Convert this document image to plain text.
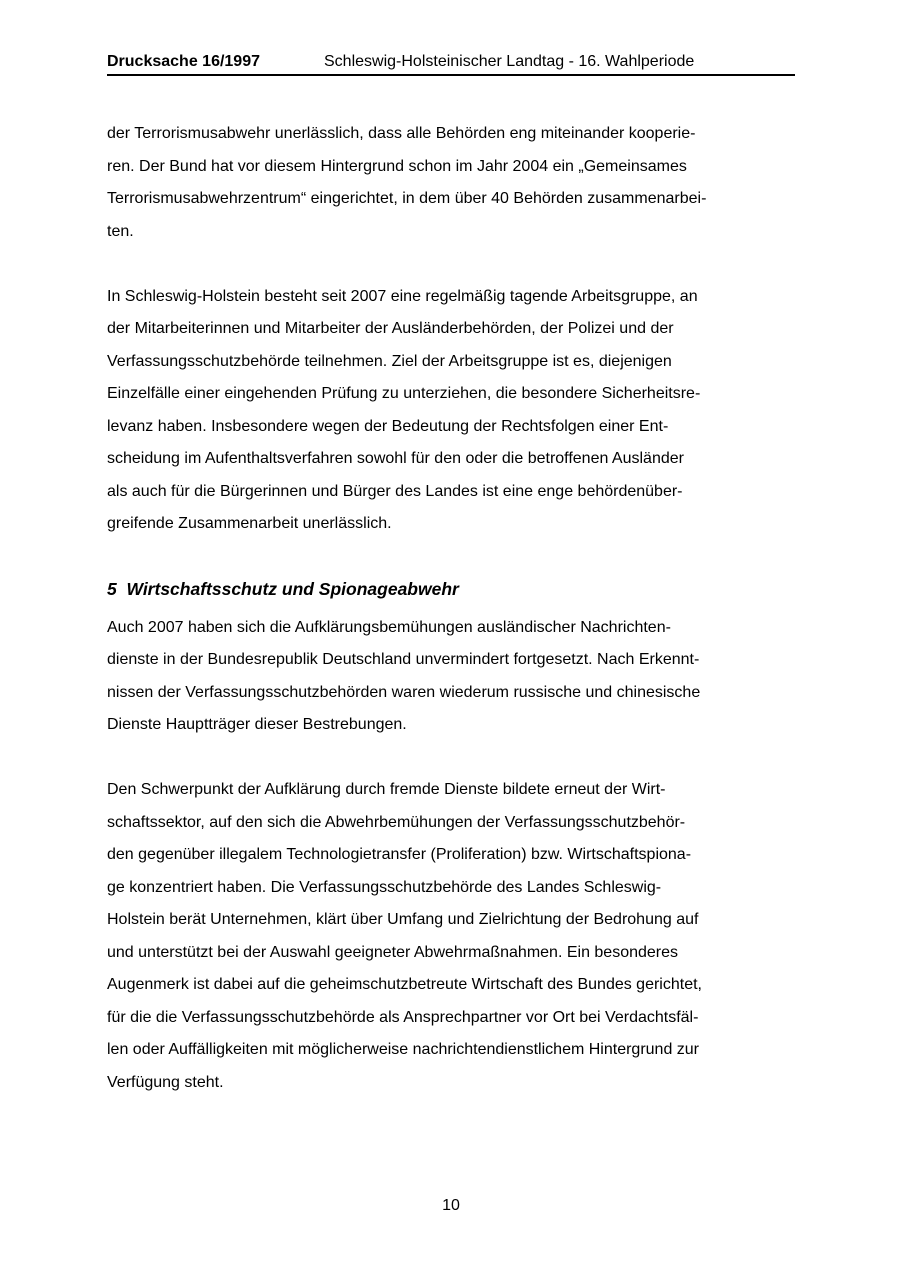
Drucksache 16/1997	Schleswig-Holsteinischer Landtag - 16. Wahlperiode

der Terrorismusabwehr unerlässlich, dass alle Behörden eng miteinander kooperie-
ren. Der Bund hat vor diesem Hintergrund schon im Jahr 2004 ein „Gemeinsames
Terrorismusabwehrzentrum“ eingerichtet, in dem über 40 Behörden zusammenarbei-
ten.

In Schleswig-Holstein besteht seit 2007 eine regelmäßig tagende Arbeitsgruppe, an
der Mitarbeiterinnen und Mitarbeiter der Ausländerbehörden, der Polizei und der
Verfassungsschutzbehörde teilnehmen. Ziel der Arbeitsgruppe ist es, diejenigen
Einzelfälle einer eingehenden Prüfung zu unterziehen, die besondere Sicherheitsre-
levanz haben. Insbesondere wegen der Bedeutung der Rechtsfolgen einer Ent-
scheidung im Aufenthaltsverfahren sowohl für den oder die betroffenen Ausländer
als auch für die Bürgerinnen und Bürger des Landes ist eine enge behördenüber-
greifende Zusammenarbeit unerlässlich.

5  Wirtschaftsschutz und Spionageabwehr

Auch 2007 haben sich die Aufklärungsbemühungen ausländischer Nachrichten-
dienste in der Bundesrepublik Deutschland unvermindert fortgesetzt. Nach Erkennt-
nissen der Verfassungsschutzbehörden waren wiederum russische und chinesische
Dienste Hauptträger dieser Bestrebungen.

Den Schwerpunkt der Aufklärung durch fremde Dienste bildete erneut der Wirt-
schaftssektor, auf den sich die Abwehrbemühungen der Verfassungsschutzbehör-
den gegenüber illegalem Technologietransfer (Proliferation) bzw. Wirtschaftspiona-
ge konzentriert haben. Die Verfassungsschutzbehörde des Landes Schleswig-
Holstein berät Unternehmen, klärt über Umfang und Zielrichtung der Bedrohung auf
und unterstützt bei der Auswahl geeigneter Abwehrmaßnahmen. Ein besonderes
Augenmerk ist dabei auf die geheimschutzbetreute Wirtschaft des Bundes gerichtet,
für die die Verfassungsschutzbehörde als Ansprechpartner vor Ort bei Verdachtsfäl-
len oder Auffälligkeiten mit möglicherweise nachrichtendienstlichem Hintergrund zur
Verfügung steht.

10
